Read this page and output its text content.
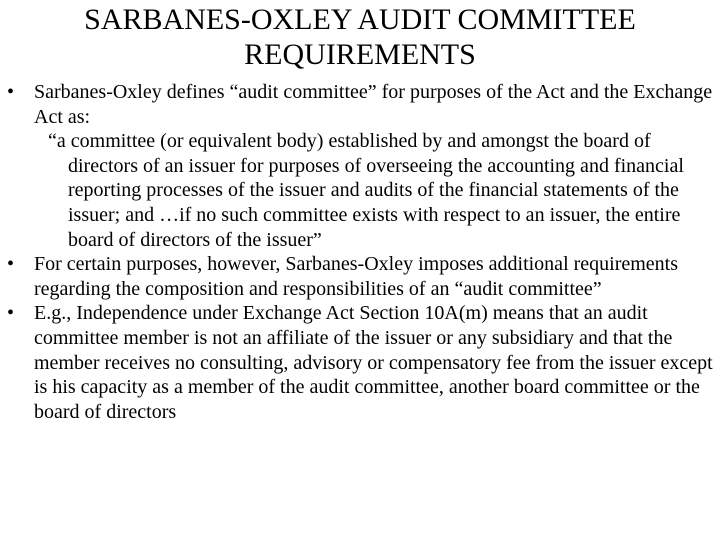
SARBANES-OXLEY AUDIT COMMITTEE
REQUIREMENTS
• Sarbanes-Oxley defines “audit committee” for purposes of the Act and the Exchange Act as:
“a committee (or equivalent body) established by and amongst the board of directors of an issuer for purposes of overseeing the accounting and financial reporting processes of the issuer and audits of the financial statements of the issuer; and …if no such committee exists with respect to an issuer, the entire board of directors of the issuer”
• For certain purposes, however, Sarbanes-Oxley imposes additional requirements regarding the composition and responsibilities of an “audit committee”
• E.g., Independence under Exchange Act Section 10A(m) means that an audit committee member is not an affiliate of the issuer or any subsidiary and that the member receives no consulting, advisory or compensatory fee from the issuer except is his capacity as a member of the audit committee, another board committee or the board of directors
